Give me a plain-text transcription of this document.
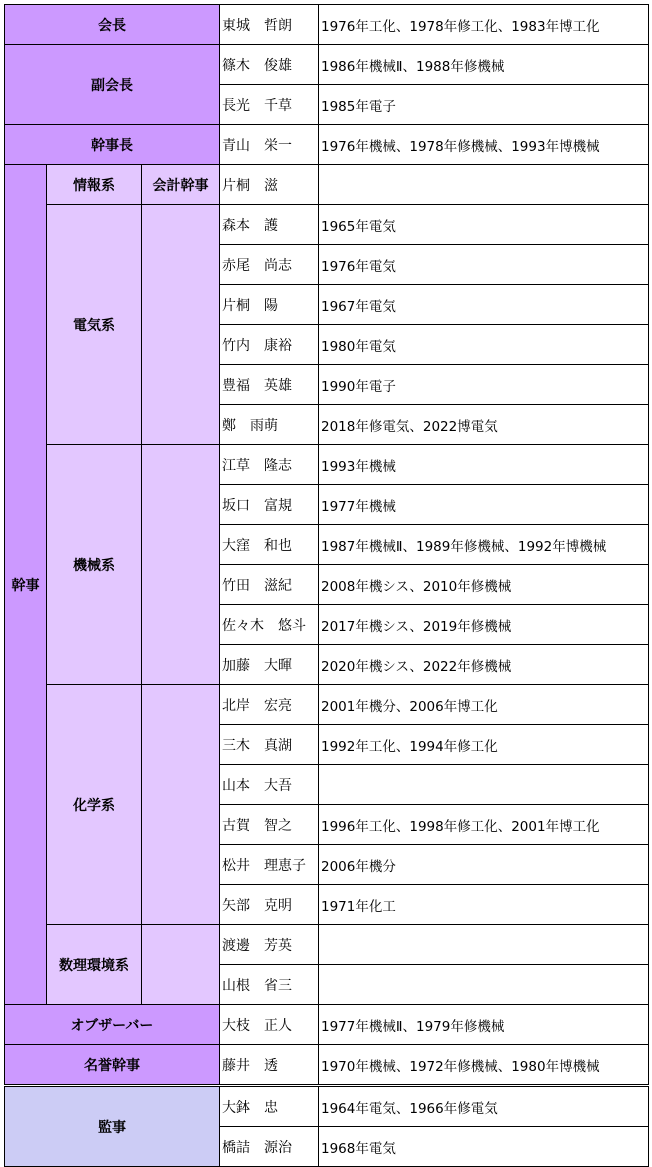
会長			東城　哲朗	1976年工化、1978年修工化、1983年博工化
副会長			篠木　俊雄	1986年機械Ⅱ、1988年修機械
			長光　千草	1985年電子
幹事長			青山　栄一	1976年機械、1978年修機械、1993年博機械
幹事	情報系	会計幹事	片桐　滋	
	電気系		森本　護	1965年電気
			赤尾　尚志	1976年電気
			片桐　陽	1967年電気
			竹内　康裕	1980年電気
			豊福　英雄	1990年電子
			鄭　雨萌	2018年修電気、2022博電気
	機械系		江草　隆志	1993年機械
			坂口　富規	1977年機械
			大窪　和也	1987年機械Ⅱ、1989年修機械、1992年博機械
			竹田　滋紀	2008年機シス、2010年修機械
			佐々木　悠斗	2017年機シス、2019年修機械
			加藤　大暉	2020年機シス、2022年修機械
	化学系		北岸　宏亮	2001年機分、2006年博工化
			三木　真湖	1992年工化、1994年修工化
			山本　大吾	
			古賀　智之	1996年工化、1998年修工化、2001年博工化
			松井　理恵子	2006年機分
			矢部　克明	1971年化工
	数理環境系		渡邊　芳英	
			山根　省三	
オブザーバー			大枝　正人	1977年機械Ⅱ、1979年修機械
名誉幹事			藤井　透	1970年機械、1972年修機械、1980年博機械
監事			大鉢　忠	1964年電気、1966年修電気
			橋詰　源治	1968年電気
